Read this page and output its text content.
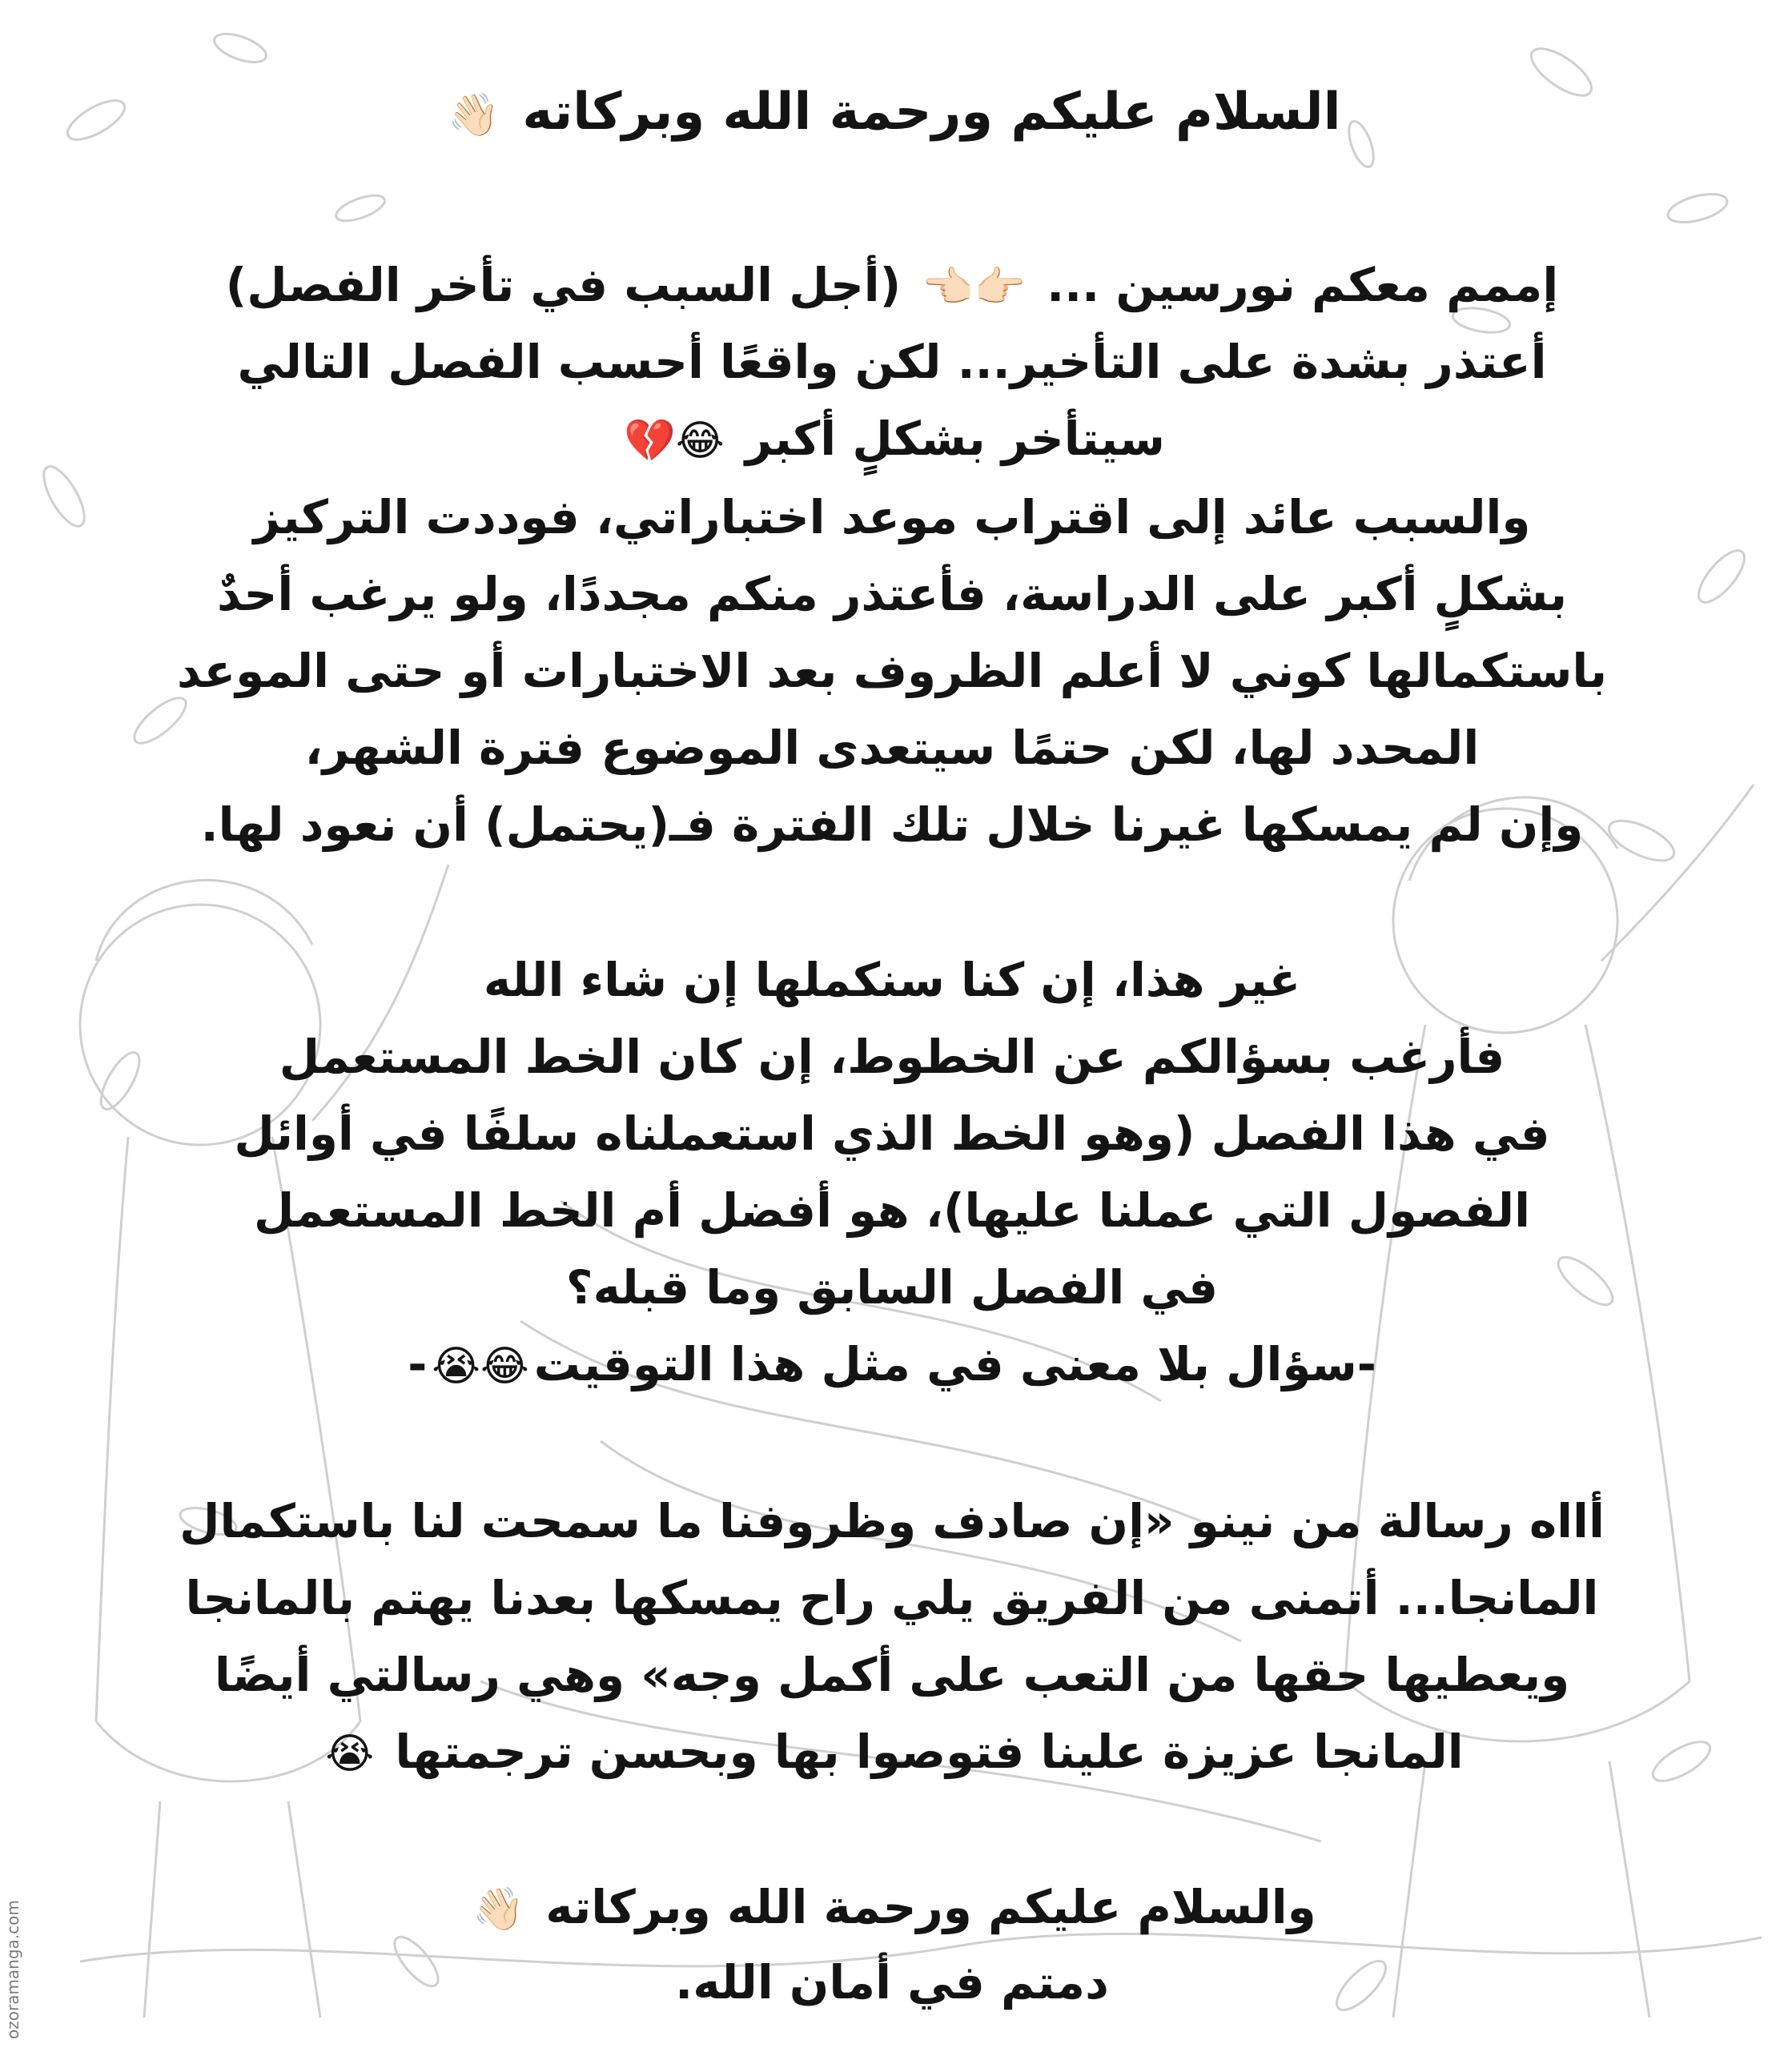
ozoramanga.com
السلام عليكم ورحمة الله وبركاته 👋🏻
إممم معكم نورسين ... 👉🏻👈🏻 (أجل السبب في تأخر الفصل)
أعتذر بشدة على التأخير... لكن واقعًا أحسب الفصل التالي
سيتأخر بشكلٍ أكبر 😂💔
والسبب عائد إلى اقتراب موعد اختباراتي، فوددت التركيز
بشكلٍ أكبر على الدراسة، فأعتذر منكم مجددًا، ولو يرغب أحدٌ
باستكمالها كوني لا أعلم الظروف بعد الاختبارات أو حتى الموعد
المحدد لها، لكن حتمًا سيتعدى الموضوع فترة الشهر،
وإن لم يمسكها غيرنا خلال تلك الفترة فـ(يحتمل) أن نعود لها.
غير هذا، إن كنا سنكملها إن شاء الله
فأرغب بسؤالكم عن الخطوط، إن كان الخط المستعمل
في هذا الفصل (وهو الخط الذي استعملناه سلفًا في أوائل
الفصول التي عملنا عليها)، هو أفضل أم الخط المستعمل
في الفصل السابق وما قبله؟
-سؤال بلا معنى في مثل هذا التوقيت😂😭-
أااه رسالة من نينو «إن صادف وظروفنا ما سمحت لنا باستكمال
المانجا... أتمنى من الفريق يلي راح يمسكها بعدنا يهتم بالمانجا
ويعطيها حقها من التعب على أكمل وجه» وهي رسالتي أيضًا
المانجا عزيزة علينا فتوصوا بها وبحسن ترجمتها 😭
والسلام عليكم ورحمة الله وبركاته 👋🏻
دمتم في أمان الله.
